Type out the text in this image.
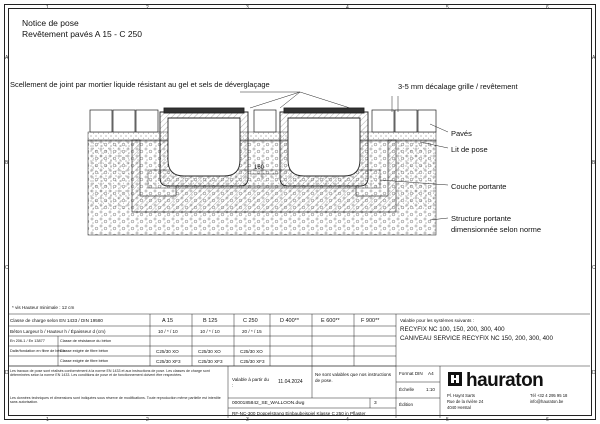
1	2	3	4	5	6
1	2	3	4	5	6
A
B
C
D
A
B
C
D
Notice de pose
Revêtement pavés A 15 - C 250
Scellement de joint par mortier liquide résistant au gel et sels de déverglaçage	3-5 mm décalage grille / revêtement
Pavés
Lit de pose
Couche portante
Structure portante
dimensionnée selon norme
160
* vis Hauteur minimale : 12 cm
Classe de charge selon EN 1433 / DIN 19580	A 15	B 125	C 250	D 400**	E 600**	F 900**
Béton Largeur b / Hauteur h / Épaisseur d (cm)	10 / * / 10	10 / * / 10	20 / * / 15
En 206-1 / En 13877	Classe de résistance du béton
Dalle/fondation en fibre de béton
Classe exigée de fibre béton	C25/30 XO	C25/30 XO	C25/30 XO
Classe exigée de fibre béton	C25/30 XF3	C25/30 XF3	C25/30 XF3
Valable pour les systèmes suivants :
RECYFIX NC 100, 150, 200, 300, 400
CANIVEAU SERVICE RECYFIX NC 150, 200, 300, 400
Les travaux de pose sont réalisés conformément à la norme EN 1433 et aux instructions de pose. Les classes de charge sont déterminées selon la norme EN 1433. Les conditions de pose et de fonctionnement doivent être respectées.
Les données techniques et dimensions sont indiquées sous réserve de modifications. Toute reproduction même partielle est interdite sans autorisation.
Valable à partir du :
11.04.2024
Ne sont valables que nos instructions de pose.
0000185842_SE_WALLOON.dwg	3
RF-NC-300 Doppelstrang Einbaubeispiel Klasse C 250 in Pflaster
Format DIN A4
Échelle	1:10
Édition
hauraton
Pl. Haynt Sarts
Rue de la rivière 24
4040 Herstal
Tél +32 4 295 95 18
info@hauraton.be
